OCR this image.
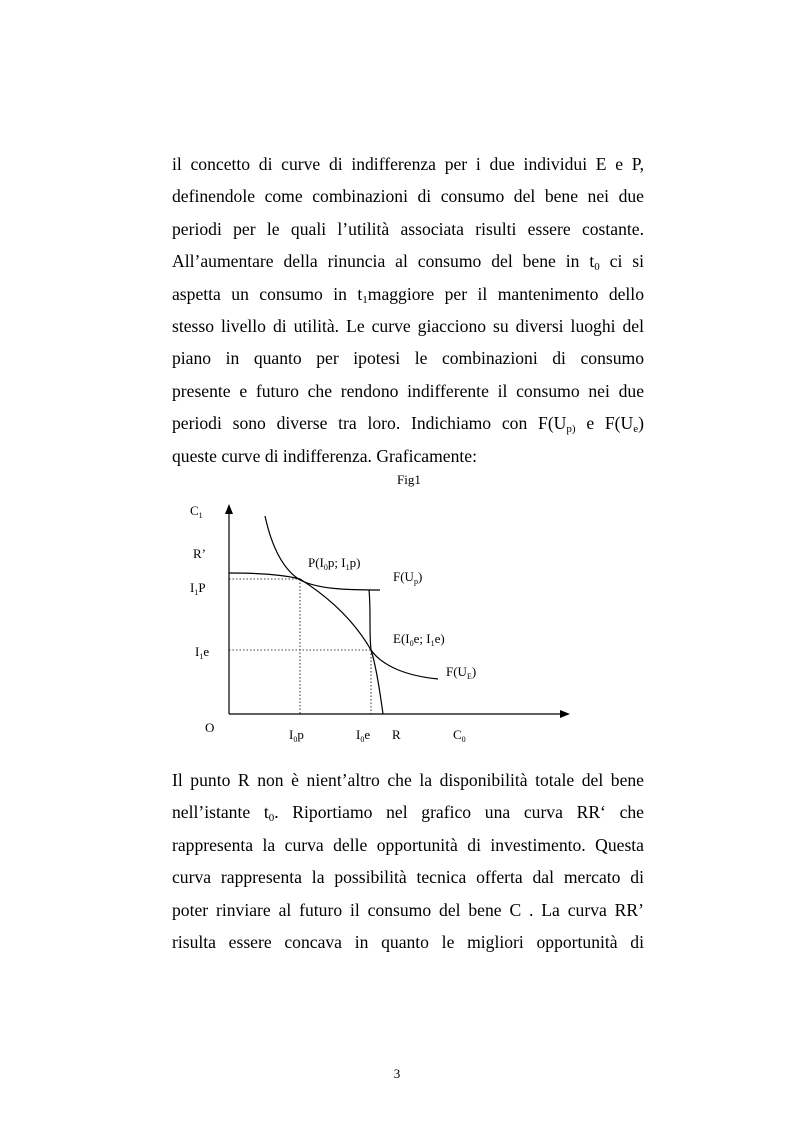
il concetto di curve di indifferenza per i due individui E e P,
definendole come combinazioni di consumo del bene nei due
periodi per le quali l’utilità associata risulti essere costante.
All’aumentare della rinuncia al consumo del bene in $t_0$ ci si
aspetta un consumo in $t_1maggiore$ per il mantenimento dello
stesso livello di utilità. Le curve giacciono su diversi luoghi del
piano in quanto per ipotesi le combinazioni di consumo
presente e futuro che rendono indifferente il consumo nei due
periodi sono diverse tra loro. Indichiamo con $F(U_{p)}$ e $F(U_e)$
queste curve di indifferenza. Graficamente:
Fig1
$C_1$
R’
$I_1P$
$I_1e$
O	$I_0p$	$I_0e$ R	$C_0$
$P(I_0p$; $I_1p$)
$F(U_p)$
$E(I_0e$; $I_1e$)
$F(U_E)$
Il punto R non è nient’altro che la disponibilità totale del bene
nell’istante $t_0$. Riportiamo nel grafico una curva RR‘ che
rappresenta la curva delle opportunità di investimento. Questa
curva rappresenta la possibilità tecnica offerta dal mercato di
poter rinviare al futuro il consumo del bene C . La curva RR’
risulta essere concava in quanto le migliori opportunità di
3
